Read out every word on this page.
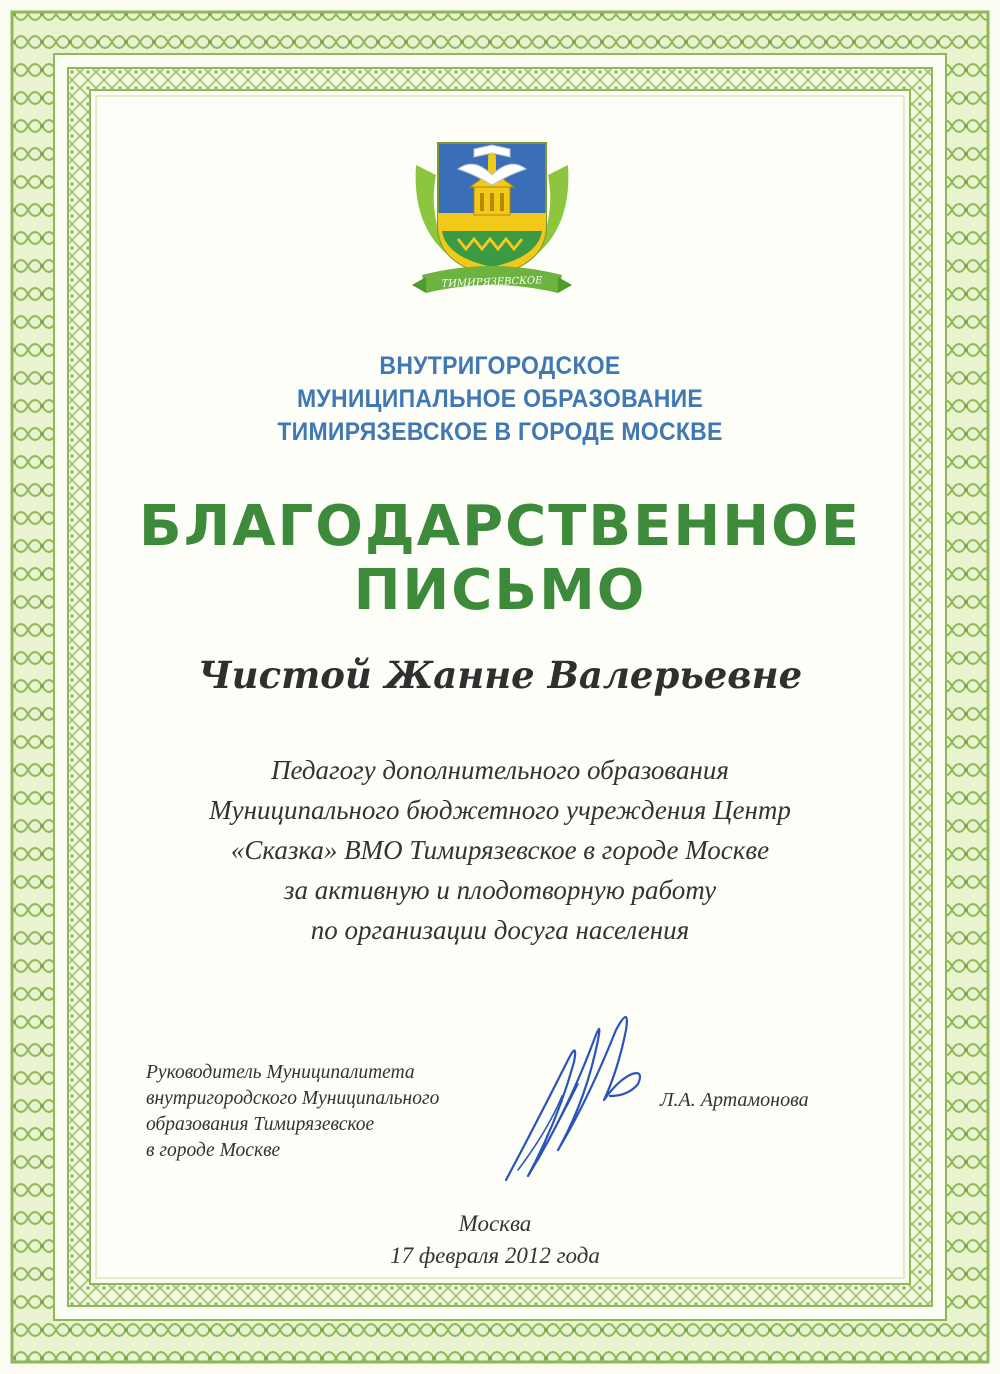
ТИМИРЯЗЕВСКОЕ
ВНУТРИГОРОДСКОЕ
МУНИЦИПАЛЬНОЕ ОБРАЗОВАНИЕ
ТИМИРЯЗЕВСКОЕ В ГОРОДЕ МОСКВЕ
БЛАГОДАРСТВЕННОЕ
ПИСЬМО
Чистой Жанне Валерьевне
Педагогу дополнительного образования
Муниципального бюджетного учреждения Центр
«Сказка» ВМО Тимирязевское в городе Москве
за активную и плодотворную работу
по организации досуга населения
Руководитель Муниципалитета
внутригородского Муниципального
образования Тимирязевское
в городе Москве
Л.А. Артамонова
Москва
17 февраля 2012 года
